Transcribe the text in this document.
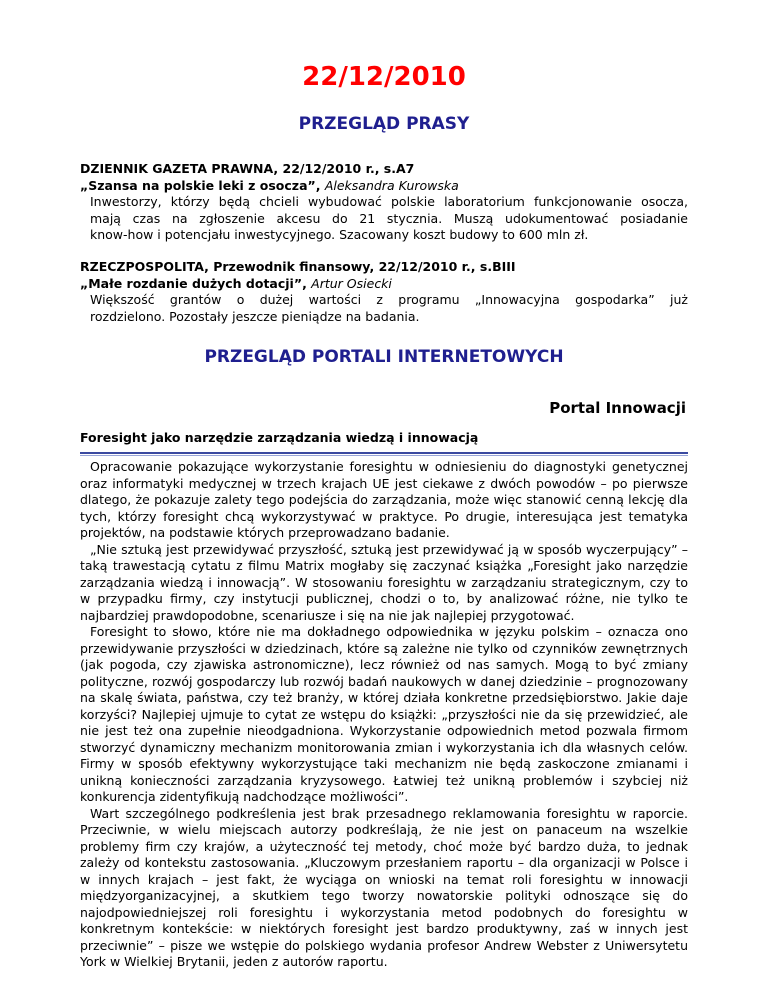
22/12/2010
PRZEGLĄD PRASY
DZIENNIK GAZETA PRAWNA, 22/12/2010 r., s.A7
„Szansa na polskie leki z osocza”, Aleksandra Kurowska
Inwestorzy, którzy będą chcieli wybudować polskie laboratorium funkcjonowanie osocza,
mają czas na zgłoszenie akcesu do 21 stycznia. Muszą udokumentować posiadanie
know-how i potencjału inwestycyjnego. Szacowany koszt budowy to 600 mln zł.
RZECZPOSPOLITA, Przewodnik finansowy, 22/12/2010 r., s.BIII
„Małe rozdanie dużych dotacji”, Artur Osiecki
Większość grantów o dużej wartości z programu „Innowacyjna gospodarka” już
rozdzielono. Pozostały jeszcze pieniądze na badania.
PRZEGLĄD PORTALI INTERNETOWYCH
Portal Innowacji
Foresight jako narzędzie zarządzania wiedzą i innowacją

Opracowanie pokazujące wykorzystanie foresightu w odniesieniu do diagnostyki genetycznej oraz informatyki medycznej w trzech krajach UE jest ciekawe z dwóch powodów – po pierwsze dlatego, że pokazuje zalety tego podejścia do zarządzania, może więc stanowić cenną lekcję dla tych, którzy foresight chcą wykorzystywać w praktyce. Po drugie, interesująca jest tematyka projektów, na podstawie których przeprowadzano badanie.

„Nie sztuką jest przewidywać przyszłość, sztuką jest przewidywać ją w sposób wyczerpujący” – taką trawestacją cytatu z filmu Matrix mogłaby się zaczynać książka „Foresight jako narzędzie zarządzania wiedzą i innowacją”. W stosowaniu foresightu w zarządzaniu strategicznym, czy to w przypadku firmy, czy instytucji publicznej, chodzi o to, by analizować różne, nie tylko te najbardziej prawdopodobne, scenariusze i się na nie jak najlepiej przygotować.

Foresight to słowo, które nie ma dokładnego odpowiednika w języku polskim – oznacza ono przewidywanie przyszłości w dziedzinach, które są zależne nie tylko od czynników zewnętrznych (jak pogoda, czy zjawiska astronomiczne), lecz również od nas samych. Mogą to być zmiany polityczne, rozwój gospodarczy lub rozwój badań naukowych w danej dziedzinie – prognozowany na skalę świata, państwa, czy też branży, w której działa konkretne przedsiębiorstwo. Jakie daje korzyści? Najlepiej ujmuje to cytat ze wstępu do książki: „przyszłości nie da się przewidzieć, ale nie jest też ona zupełnie nieodgadniona. Wykorzystanie odpowiednich metod pozwala firmom stworzyć dynamiczny mechanizm monitorowania zmian i wykorzystania ich dla własnych celów. Firmy w sposób efektywny wykorzystujące taki mechanizm nie będą zaskoczone zmianami i unikną konieczności zarządzania kryzysowego. Łatwiej też unikną problemów i szybciej niż konkurencja zidentyfikują nadchodzące możliwości”.

Wart szczególnego podkreślenia jest brak przesadnego reklamowania foresightu w raporcie. Przeciwnie, w wielu miejscach autorzy podkreślają, że nie jest on panaceum na wszelkie problemy firm czy krajów, a użyteczność tej metody, choć może być bardzo duża, to jednak zależy od kontekstu zastosowania. „Kluczowym przesłaniem raportu – dla organizacji w Polsce i w innych krajach – jest fakt, że wyciąga on wnioski na temat roli foresightu w innowacji międzyorganizacyjnej, a skutkiem tego tworzy nowatorskie polityki odnoszące się do najodpowiedniejszej roli foresightu i wykorzystania metod podobnych do foresightu w konkretnym kontekście: w niektórych foresight jest bardzo produktywny, zaś w innych jest przeciwnie” – pisze we wstępie do polskiego wydania profesor Andrew Webster z Uniwersytetu York w Wielkiej Brytanii, jeden z autorów raportu.
